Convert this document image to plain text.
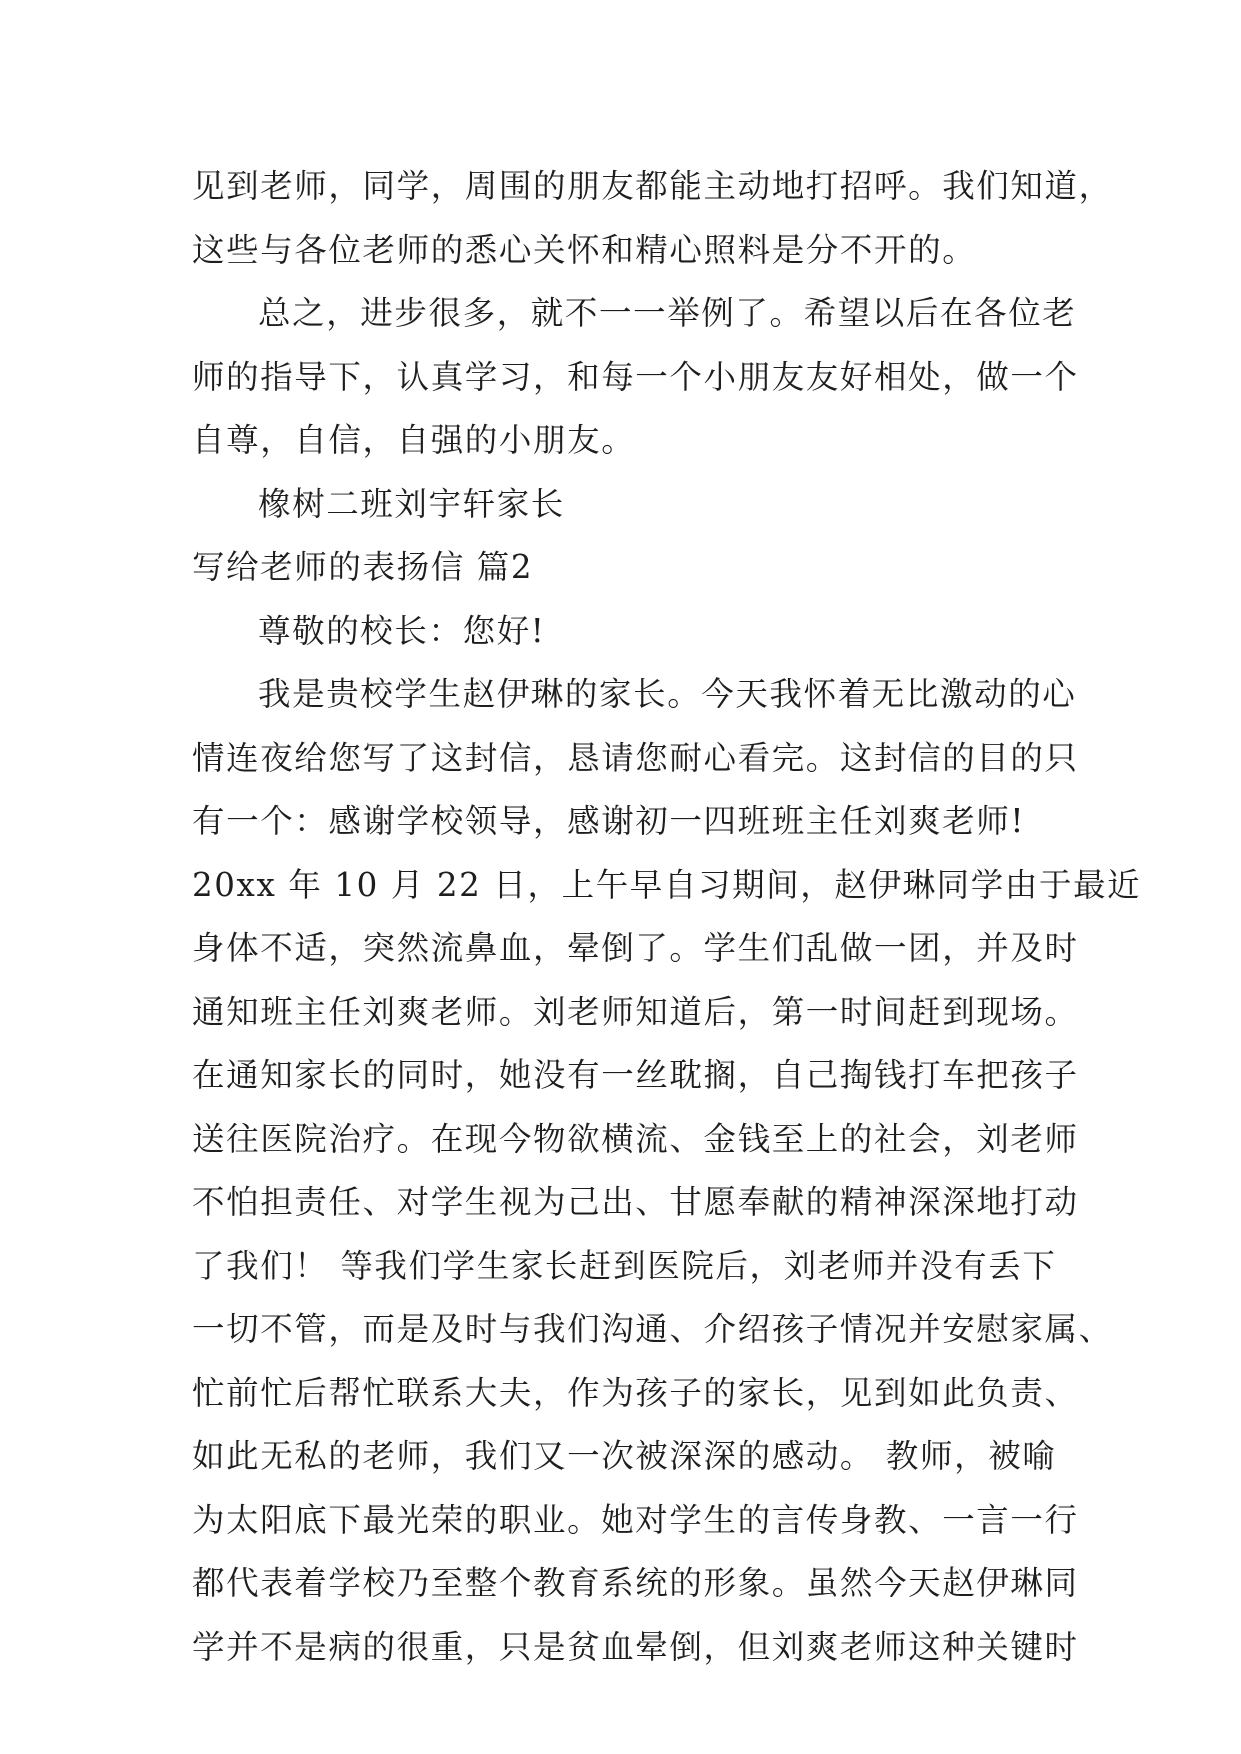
见到老师，同学，周围的朋友都能主动地打招呼。我们知道，
这些与各位老师的悉心关怀和精心照料是分不开的。
总之，进步很多，就不一一举例了。希望以后在各位老
师的指导下，认真学习，和每一个小朋友友好相处，做一个
自尊，自信，自强的小朋友。
橡树二班刘宇轩家长
写给老师的表扬信 篇2
尊敬的校长：您好!
我是贵校学生赵伊琳的家长。今天我怀着无比激动的心
情连夜给您写了这封信，恳请您耐心看完。这封信的目的只
有一个：感谢学校领导，感谢初一四班班主任刘爽老师!
20xx 年 10 月 22 日，上午早自习期间，赵伊琳同学由于最近
身体不适，突然流鼻血，晕倒了。学生们乱做一团，并及时
通知班主任刘爽老师。刘老师知道后，第一时间赶到现场。
在通知家长的同时，她没有一丝耽搁，自己掏钱打车把孩子
送往医院治疗。在现今物欲横流、金钱至上的社会，刘老师
不怕担责任、对学生视为己出、甘愿奉献的精神深深地打动
了我们！ 等我们学生家长赶到医院后，刘老师并没有丢下
一切不管，而是及时与我们沟通、介绍孩子情况并安慰家属、
忙前忙后帮忙联系大夫，作为孩子的家长，见到如此负责、
如此无私的老师，我们又一次被深深的感动。 教师，被喻
为太阳底下最光荣的职业。她对学生的言传身教、一言一行
都代表着学校乃至整个教育系统的形象。虽然今天赵伊琳同
学并不是病的很重，只是贫血晕倒，但刘爽老师这种关键时
